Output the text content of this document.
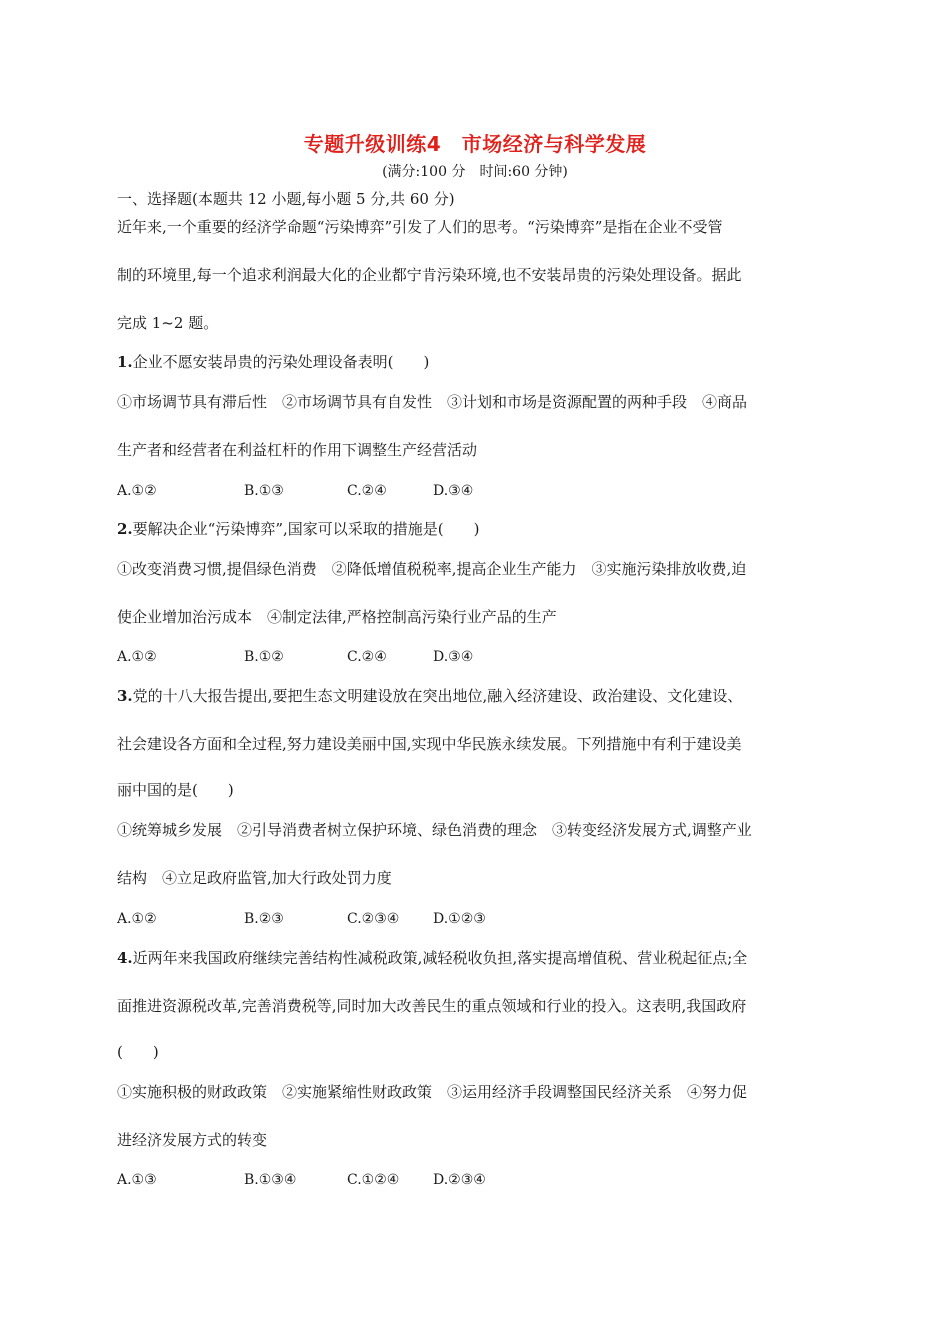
专题升级训练4　市场经济与科学发展
(满分:100 分　时间:60 分钟)
一、选择题(本题共 12 小题,每小题 5 分,共 60 分)
近年来,一个重要的经济学命题“污染博弈”引发了人们的思考。“污染博弈”是指在企业不受管
制的环境里,每一个追求利润最大化的企业都宁肯污染环境,也不安装昂贵的污染处理设备。据此
完成 1~2 题。
1.企业不愿安装昂贵的污染处理设备表明(　　)
①市场调节具有滞后性　②市场调节具有自发性　③计划和市场是资源配置的两种手段　④商品
生产者和经营者在利益杠杆的作用下调整生产经营活动
A.①②	B.①③	C.②④	D.③④
2.要解决企业“污染博弈”,国家可以采取的措施是(　　)
①改变消费习惯,提倡绿色消费　②降低增值税税率,提高企业生产能力　③实施污染排放收费,迫
使企业增加治污成本　④制定法律,严格控制高污染行业产品的生产
A.①②	B.①②	C.②④	D.③④
3.党的十八大报告提出,要把生态文明建设放在突出地位,融入经济建设、政治建设、文化建设、
社会建设各方面和全过程,努力建设美丽中国,实现中华民族永续发展。下列措施中有利于建设美
丽中国的是(　　)
①统筹城乡发展　②引导消费者树立保护环境、绿色消费的理念　③转变经济发展方式,调整产业
结构　④立足政府监管,加大行政处罚力度
A.①②	B.②③	C.②③④ D.①②③
4.近两年来我国政府继续完善结构性减税政策,减轻税收负担,落实提高增值税、营业税起征点;全
面推进资源税改革,完善消费税等,同时加大改善民生的重点领域和行业的投入。这表明,我国政府
(　　)
①实施积极的财政政策　②实施紧缩性财政政策　③运用经济手段调整国民经济关系　④努力促
进经济发展方式的转变
A.①③	B.①③④	C.①②④ D.②③④
